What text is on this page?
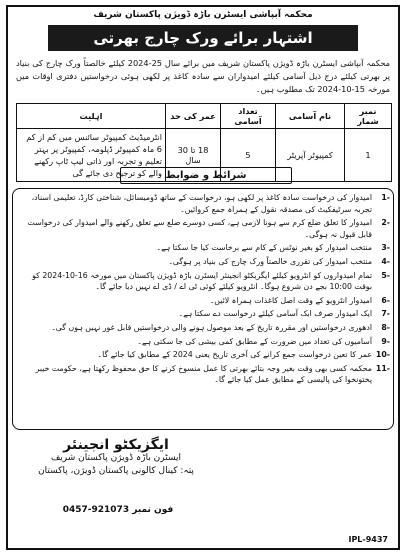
محکمہ آبپاشی ایسٹرن باڑہ ڈویژن پاکستان شریف
اشتہار برائے ورک چارج بھرتی
محکمہ آبپاشی ایسٹرن باڑہ ڈویژن پاکستان شریف میں برائے سال 25-2024 کیلئے خالصتاً ورک چارج کی بنیاد پر بھرتی کیلئے درج ذیل آسامی کیلئے امیدواران سے سادہ کاغذ پر لکھی ہوئی درخواستیں دفتری اوقات میں مورخہ 15-10-2024 تک مطلوب ہیں۔
نمبر شمار	نام آسامی	تعداد آسامی	عمر کی حد	اہلیت
1	کمپیوٹر آپریٹر	5	18 تا 30 سال	انٹرمیڈیٹ کمپیوٹر سائنس میں کم از کم 6 ماہ کمپیوٹر ڈپلومہ، کمپیوٹر پر بہتر تعلیم و تجربہ اور ذاتی لیپ ٹاپ رکھنے والے کو ترجیح دی جائے گی شرائط و ضوابط
-1
امیدوار کی درخواست سادہ کاغذ پر لکھی ہو، درخواست کے ساتھ ڈومیسائل، شناختی کارڈ، تعلیمی اسناد، تجربہ سرٹیفکیٹ کی مصدقہ نقول کے ہمراہ جمع کروائیں۔
-2
امیدوار کا تعلق ضلع کرم سے ہونا لازمی ہے، کسی دوسرے ضلع سے تعلق رکھنے والے امیدوار کی درخواست قابل قبول نہ ہوگی۔
-3
منتخب امیدوار کو بغیر نوٹس کے کام سے برخاست کیا جا سکتا ہے۔
-4
منتخب امیدوار کی تقرری خالصتاً ورک چارج کی بنیاد پر ہوگی۔
-5
تمام امیدواروں کو انٹرویو کیلئے ایگزیکٹو انجینئر ایسٹرن باڑہ ڈویژن پاکستان میں مورخہ 16-10-2024 کو بوقت 10:00 بجے دن شروع ہوگا۔ انٹرویو کیلئے کوئی ٹی اے / ڈی اے نہیں دیا جائے گا۔
-6
امیدوار انٹرویو کے وقت اصل کاغذات ہمراہ لائیں۔
-7
ایک امیدوار صرف ایک آسامی کیلئے درخواست دے سکتا ہے۔
-8
ادھوری درخواستیں اور مقررہ تاریخ کے بعد موصول ہونے والی درخواستیں قابل غور نہیں ہوں گی۔
-9
آسامیوں کی تعداد میں ضرورت کے مطابق کمی بیشی کی جا سکتی ہے۔
-10
عمر کا تعین درخواست جمع کرانے کی آخری تاریخ یعنی 2024 کے مطابق کیا جائے گا۔
-11
محکمہ کسی بھی وقت بغیر وجہ بتائے بھرتی کا عمل منسوخ کرنے کا حق محفوظ رکھتا ہے، حکومت خیبر پختونخوا کی پالیسی کے مطابق عمل کیا جائے گا۔
ایگزیکٹو انجینئر
ایسٹرن باڑہ ڈویژن پاکستان شریف
پتہ: کینال کالونی پاکستان ڈویژن، پاکستان
0457-921073 فون نمبر
IPL-9437
